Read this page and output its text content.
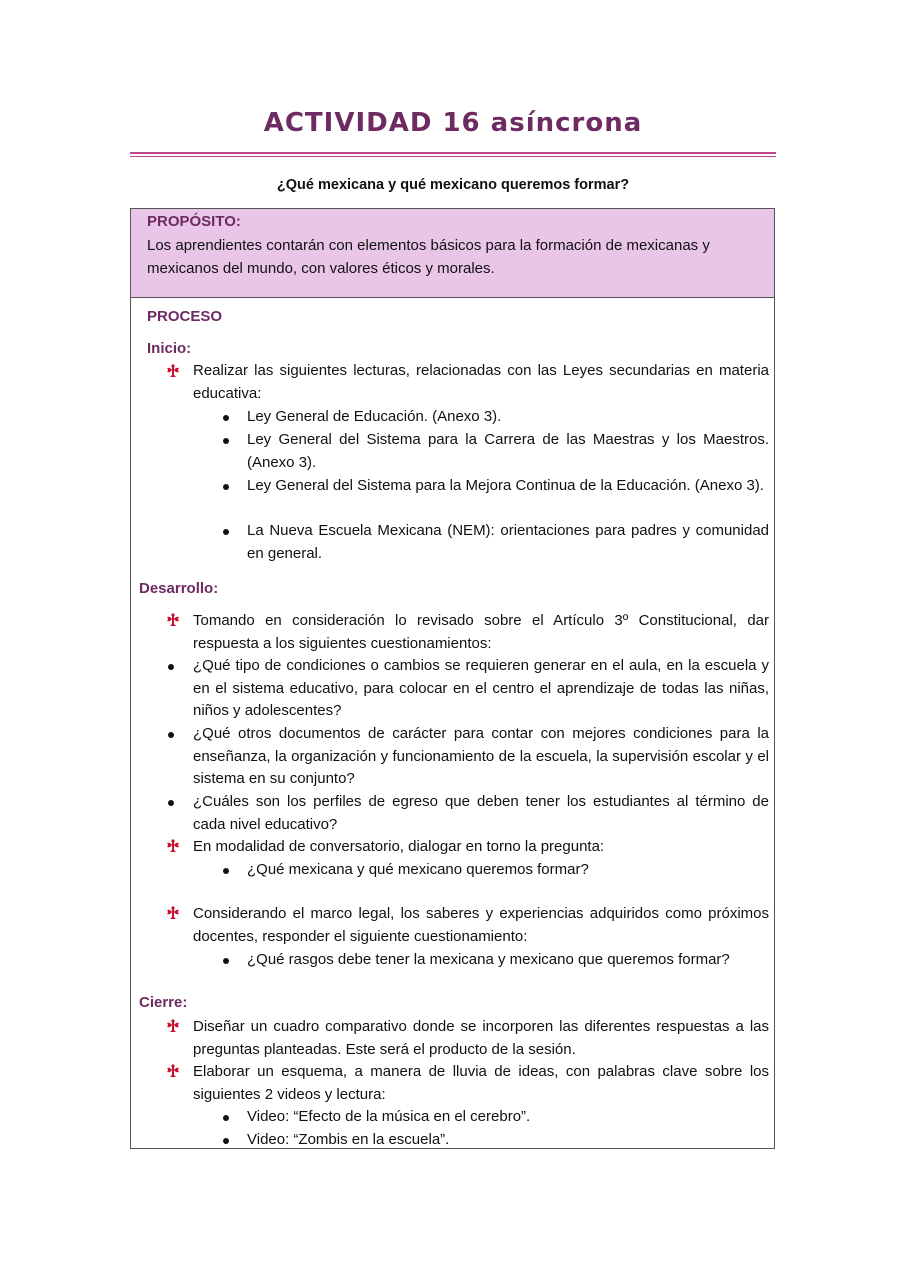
ACTIVIDAD 16 asíncrona
¿Qué mexicana y qué mexicano queremos formar?
PROPÓSITO:
Los aprendientes contarán con elementos básicos para la formación de mexicanas y mexicanos del mundo, con valores éticos y morales.
PROCESO
Inicio:
Realizar las siguientes lecturas, relacionadas con las Leyes secundarias en materia educativa:
Ley General de Educación. (Anexo 3).
Ley General del Sistema para la Carrera de las Maestras y los Maestros. (Anexo 3).
Ley General del Sistema para la Mejora Continua de la Educación. (Anexo 3).
La Nueva Escuela Mexicana (NEM): orientaciones para padres y comunidad en general.
Desarrollo:
Tomando en consideración lo revisado sobre el Artículo 3º Constitucional, dar respuesta a los siguientes cuestionamientos:
¿Qué tipo de condiciones o cambios se requieren generar en el aula, en la escuela y en el sistema educativo, para colocar en el centro el aprendizaje de todas las niñas, niños y adolescentes?
¿Qué otros documentos de carácter para contar con mejores condiciones para la enseñanza, la organización y funcionamiento de la escuela, la supervisión escolar y el sistema en su conjunto?
¿Cuáles son los perfiles de egreso que deben tener los estudiantes al término de cada nivel educativo?
En modalidad de conversatorio, dialogar en torno la pregunta:
¿Qué mexicana y qué mexicano queremos formar?
Considerando el marco legal, los saberes y experiencias adquiridos como próximos docentes, responder el siguiente cuestionamiento:
¿Qué rasgos debe tener la mexicana y mexicano que queremos formar?
Cierre:
Diseñar un cuadro comparativo donde se incorporen las diferentes respuestas a las preguntas planteadas. Este será el producto de la sesión.
Elaborar un esquema, a manera de lluvia de ideas, con palabras clave sobre los siguientes 2 videos y lectura:
Video: “Efecto de la música en el cerebro”.
Video: “Zombis en la escuela”.
